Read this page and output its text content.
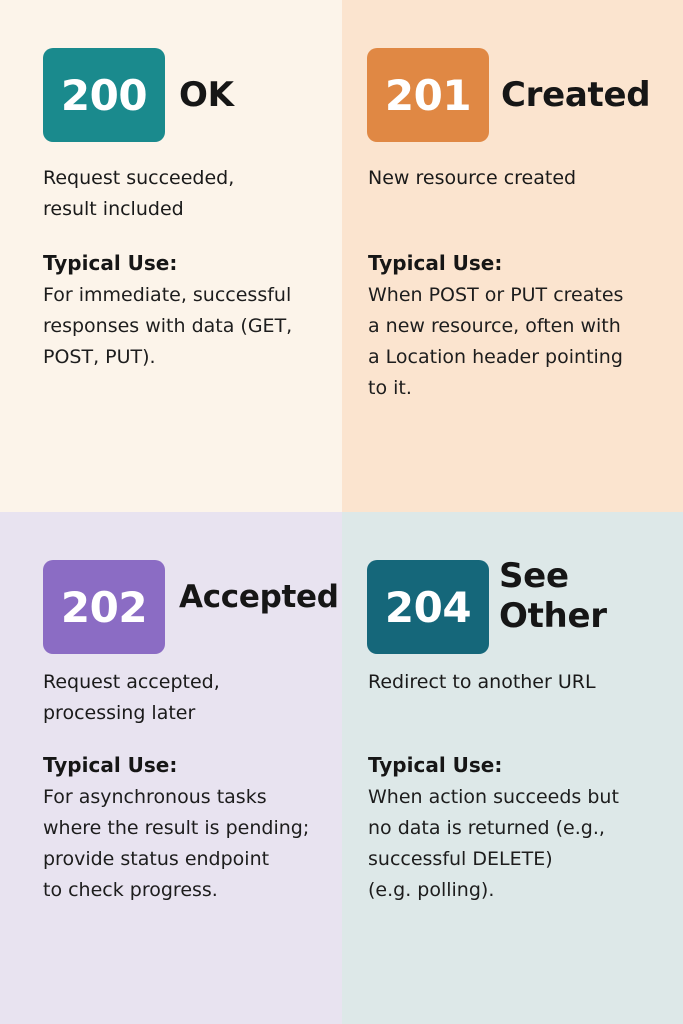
200 OK
Request succeeded,
result included
Typical Use:
For immediate, successful
responses with data (GET,
POST, PUT).
201 Created
New resource created
Typical Use:
When POST or PUT creates
a new resource, often with
a Location header pointing
to it.
202	Accepted
Request accepted,
processing later
Typical Use:
For asynchronous tasks
where the result is pending;
provide status endpoint
to check progress.
204
See
Other
Redirect to another URL
Typical Use:
When action succeeds but
no data is returned (e.g.,
successful DELETE)
(e.g. polling).
